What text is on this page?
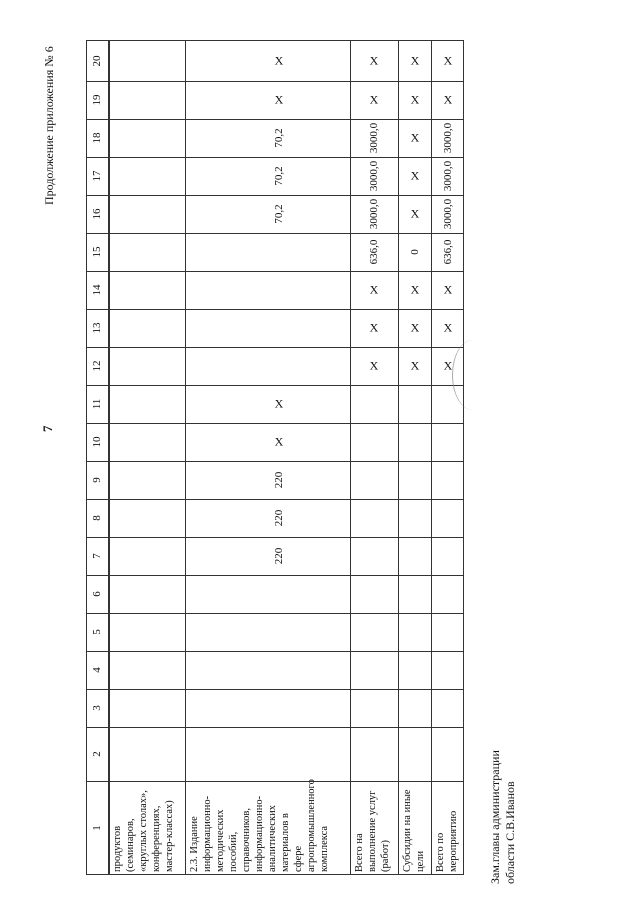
7
Продолжение приложения № 6
1
2
3
4
5
6
7
8
9
10
11
12
13
14
15
16
17
18
19
20
продуктов (семинаров, «круглых столах», конференциях, мастер-классах) 2.3. Издание информационно- методических пособий, справочников, информационно- аналитических материалов в сфере агропромышленного комплекса Всего на выполнение услуг (работ) Субсидии на иные цели Всего по мероприятию
220
220
220
X
X
70,2
70,2
70,2
X
X
X
X
X
636,0
3000,0
3000,0
3000,0
X
X
X
X
X
0
X
X
X
X
X
X
X
X
636,0
3000,0
3000,0
3000,0
X
X
Зам.главы администрации области С.В.Иванов
